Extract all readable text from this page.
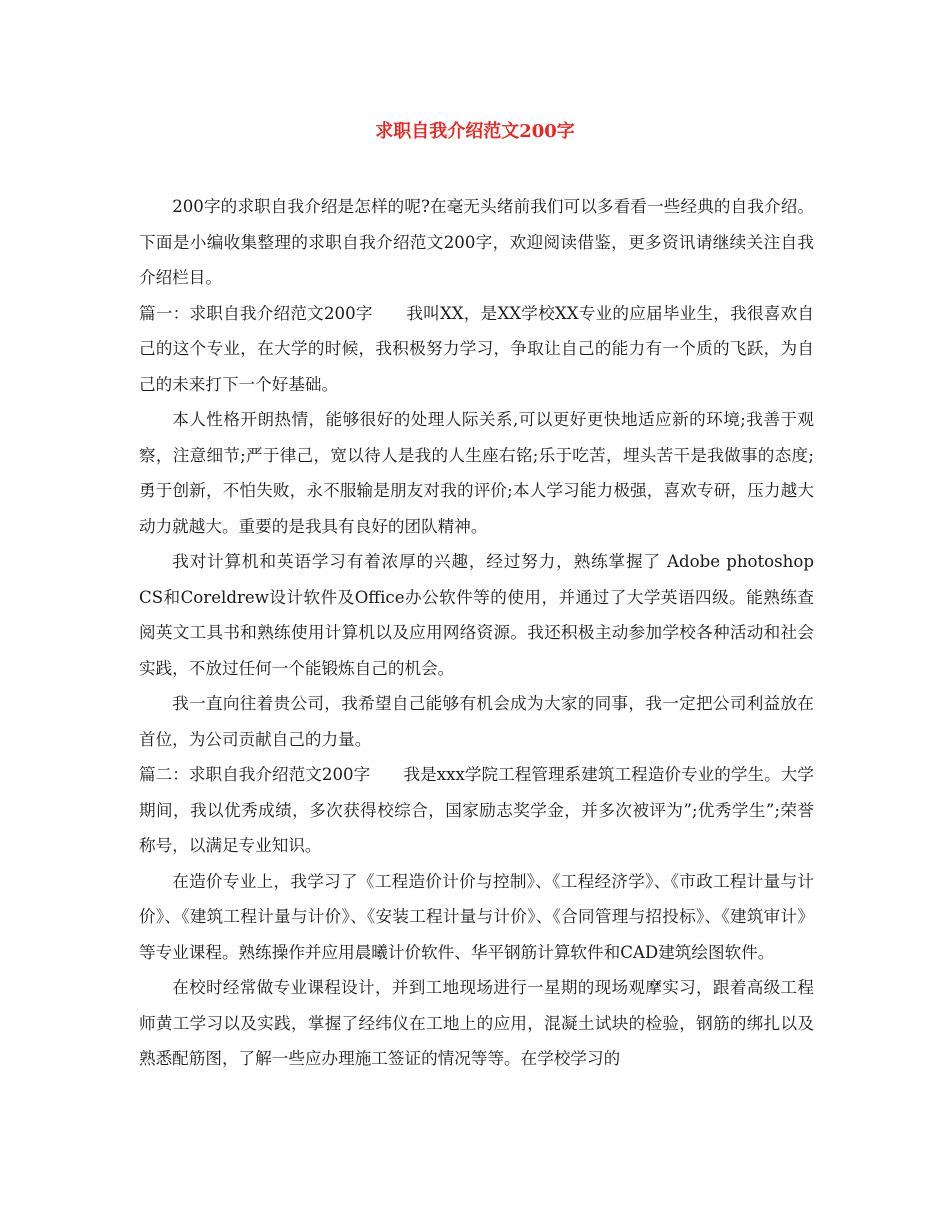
求职自我介绍范文200字

200字的求职自我介绍是怎样的呢?在毫无头绪前我们可以多看看一些经典的自我介绍。下面是小编收集整理的求职自我介绍范文200字，欢迎阅读借鉴，更多资讯请继续关注自我介绍栏目。

篇一：求职自我介绍范文200字　　我叫XX，是XX学校XX专业的应届毕业生，我很喜欢自己的这个专业，在大学的时候，我积极努力学习，争取让自己的能力有一个质的飞跃，为自己的未来打下一个好基础。

本人性格开朗热情，能够很好的处理人际关系,可以更好更快地适应新的环境;我善于观察，注意细节;严于律己，宽以待人是我的人生座右铭;乐于吃苦，埋头苦干是我做事的态度;勇于创新，不怕失败，永不服输是朋友对我的评价;本人学习能力极强，喜欢专研，压力越大动力就越大。重要的是我具有良好的团队精神。

我对计算机和英语学习有着浓厚的兴趣，经过努力，熟练掌握了 Adobe photoshop CS和Coreldrew设计软件及Office办公软件等的使用，并通过了大学英语四级。能熟练查阅英文工具书和熟练使用计算机以及应用网络资源。我还积极主动参加学校各种活动和社会实践，不放过任何一个能锻炼自己的机会。

我一直向往着贵公司，我希望自己能够有机会成为大家的同事，我一定把公司利益放在首位，为公司贡献自己的力量。

篇二：求职自我介绍范文200字　　我是xxx学院工程管理系建筑工程造价专业的学生。大学期间，我以优秀成绩，多次获得校综合，国家励志奖学金，并多次被评为”;优秀学生”;荣誉称号，以满足专业知识。

在造价专业上，我学习了《工程造价计价与控制》、《工程经济学》、《市政工程计量与计价》、《建筑工程计量与计价》、《安装工程计量与计价》、《合同管理与招投标》、《建筑审计》等专业课程。熟练操作并应用晨曦计价软件、华平钢筋计算软件和CAD建筑绘图软件。

在校时经常做专业课程设计，并到工地现场进行一星期的现场观摩实习，跟着高级工程师黄工学习以及实践，掌握了经纬仪在工地上的应用，混凝土试块的检验，钢筋的绑扎以及熟悉配筋图，了解一些应办理施工签证的情况等等。在学校学习的
